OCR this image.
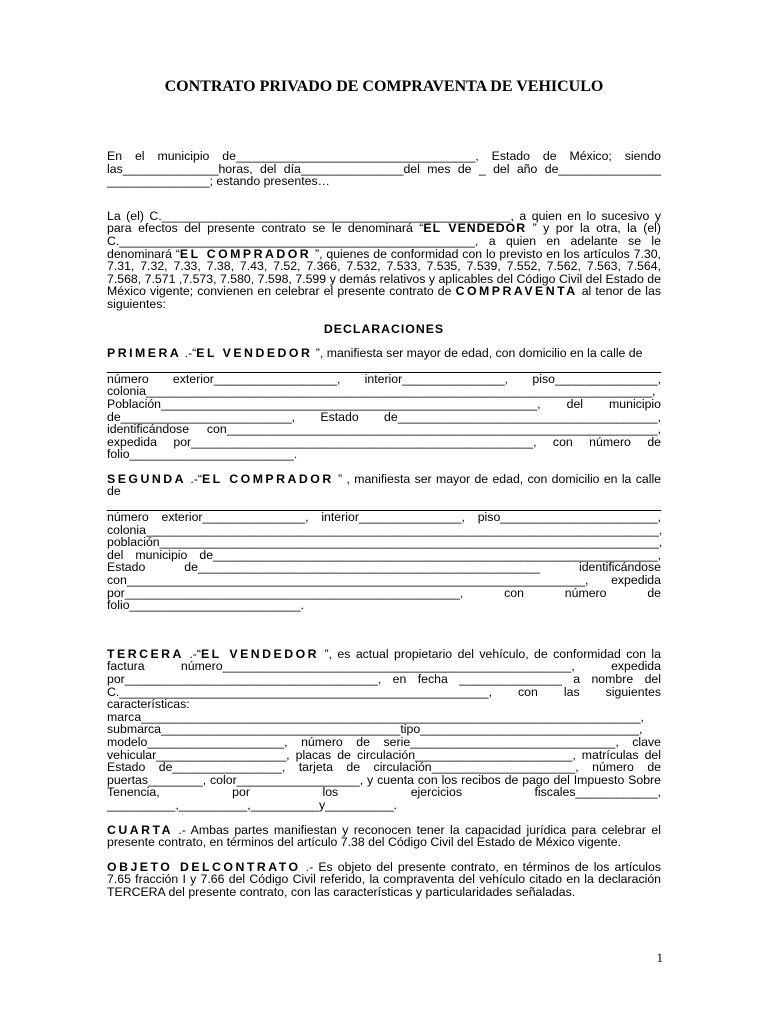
CONTRATO PRIVADO DE COMPRAVENTA DE VEHICULO

En el municipio de___________________________________, Estado de México; siendo las______________horas, del día_______________del mes de _ del año de_______________ _______________; estando presentes…

La (el) C.___________________________________________________, a quien en lo sucesivo y para efectos del presente contrato se le denominará “EL VENDEDOR ” y por la otra, la (el) C.____________________________________________________, a quien en adelante se le denominará “EL COMPRADOR ”, quienes de conformidad con lo previsto en los artículos 7.30, 7.31, 7.32, 7.33, 7.38, 7.43, 7.52, 7.366, 7.532, 7.533, 7.535, 7.539, 7.552, 7.562, 7.563, 7.564, 7.568, 7.571 ,7.573, 7.580, 7.598, 7.599 y demás relativos y aplicables del Código Civil del Estado de México vigente; convienen en celebrar el presente contrato de COMPRAVENTA al tenor de las siguientes:

DECLARACIONES

PRIMERA .-“EL VENDEDOR ”, manifiesta ser mayor de edad, con domicilio en la calle de

número exterior__________________, interior_______________, piso_______________, colonia__________________________________________________________________________, Población_______________________________________________________, del municipio de_________________________, Estado de______________________________________, identificándose con_______________________________________________________________, expedida por__________________________________________________, con número de folio________________________.

SEGUNDA .-“EL COMPRADOR ” , manifiesta ser mayor de edad, con domicilio en la calle de

número exterior_______________, interior_______________, piso_______________________, colonia___________________________________________________________________________, población_________________________________________________________________________, del municipio de_________________________________________________________________, Estado de__________________________________________________ identificándose con___________________________________________________________________, expedida por_________________________________________________, con número de folio_________________________.

TERCERA .-“EL VENDEDOR ”, es actual propietario del vehículo, de conformidad con la factura número___________________________________________________, expedida por_____________________________________, en fecha _______________ a nombre del C.______________________________________________________, con las siguientes características: marca_________________________________________________________________________, submarca___________________________________tipo________________________________, modelo____________________, número de serie______________________________, clave vehicular___________________, placas de circulación_______________________, matrículas del Estado de________________, tarjeta de circulación_____________________, número de puertas________, color__________________, y cuenta con los recibos de pago del Impuesto Sobre Tenencia, por los ejercicios fiscales____________, __________,__________,__________y__________.

CUARTA .- Ambas partes manifiestan y reconocen tener la capacidad jurídica para celebrar el presente contrato, en términos del artículo 7.38 del Código Civil del Estado de México vigente.

OBJETO DELCONTRATO .- Es objeto del presente contrato, en términos de los artículos 7.65 fracción I y 7.66 del Código Civil referido, la compraventa del vehículo citado en la declaración TERCERA del presente contrato, con las características y particularidades señaladas.

1
